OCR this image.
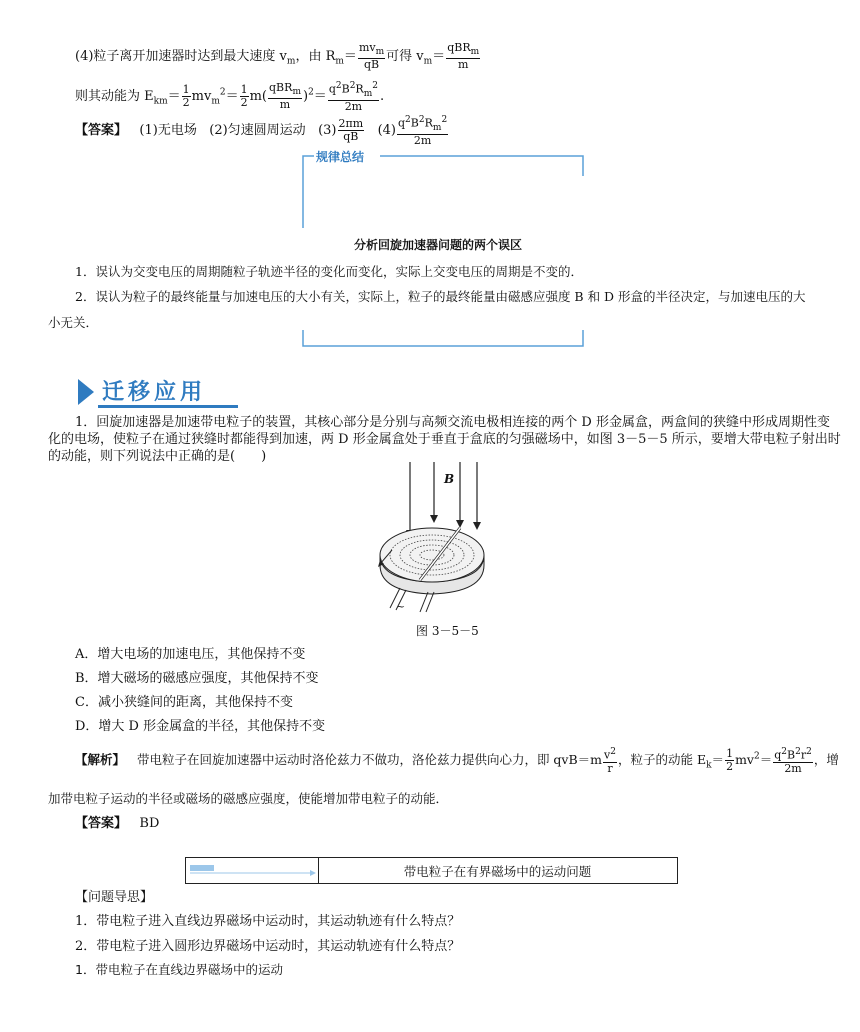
(4)粒子离开加速器时达到最大速度 $v_m$，由 $R_m= \frac{mv_m}{qB}$ 可得 $v_m= \frac{qBR_m}{m}$
则其动能为 $E_{km}= \frac{1}{2} mv_m^2= \frac{1}{2} m( \frac{qBR_m}{m} )^2= \frac{q^2B^2R_m^2}{2m}$ .
【答案】 (1)无电场 (2)匀速圆周运动 $(3) \frac{2\pi m}{qB} (4) \frac{q^2B^2R_m^2}{2m}$
规律总结
分析回旋加速器问题的两个误区
1．误认为交变电压的周期随粒子轨迹半径的变化而变化，实际上交变电压的周期是不变的．
2．误认为粒子的最终能量与加速电压的大小有关，实际上，粒子的最终能量由磁感应强度 B 和 D 形盒的半径决定，与加速电压的大
小无关．
迁移应用
1．回旋加速器是加速带电粒子的装置，其核心部分是分别与高频交流电极相连接的两个 D 形金属盒，两盒间的狭缝中形成周期性变
化的电场，使粒子在通过狭缝时都能得到加速，两 D 形金属盒处于垂直于盒底的匀强磁场中，如图 3－5－5 所示，要增大带电粒子射出时
的动能，则下列说法中正确的是(　　)
~
B
图 3－5－5
A．增大电场的加速电压，其他保持不变
B．增大磁场的磁感应强度，其他保持不变
C．减小狭缝间的距离，其他保持不变
D．增大 D 形金属盒的半径，其他保持不变
【解析】 带电粒子在回旋加速器中运动时洛伦兹力不做功，洛伦兹力提供向心力，即 $qvB=m \frac{v^2}{r}$ ，粒子的动能 $E_k= \frac{1}{2} mv^2= \frac{q^2B^2r^2}{2m}$ ，增
加带电粒子运动的半径或磁场的磁感应强度，使能增加带电粒子的动能．
【答案】 BD
带电粒子在有界磁场中的运动问题
【问题导思】
1．带电粒子进入直线边界磁场中运动时，其运动轨迹有什么特点？
2．带电粒子进入圆形边界磁场中运动时，其运动轨迹有什么特点？
1．带电粒子在直线边界磁场中的运动
